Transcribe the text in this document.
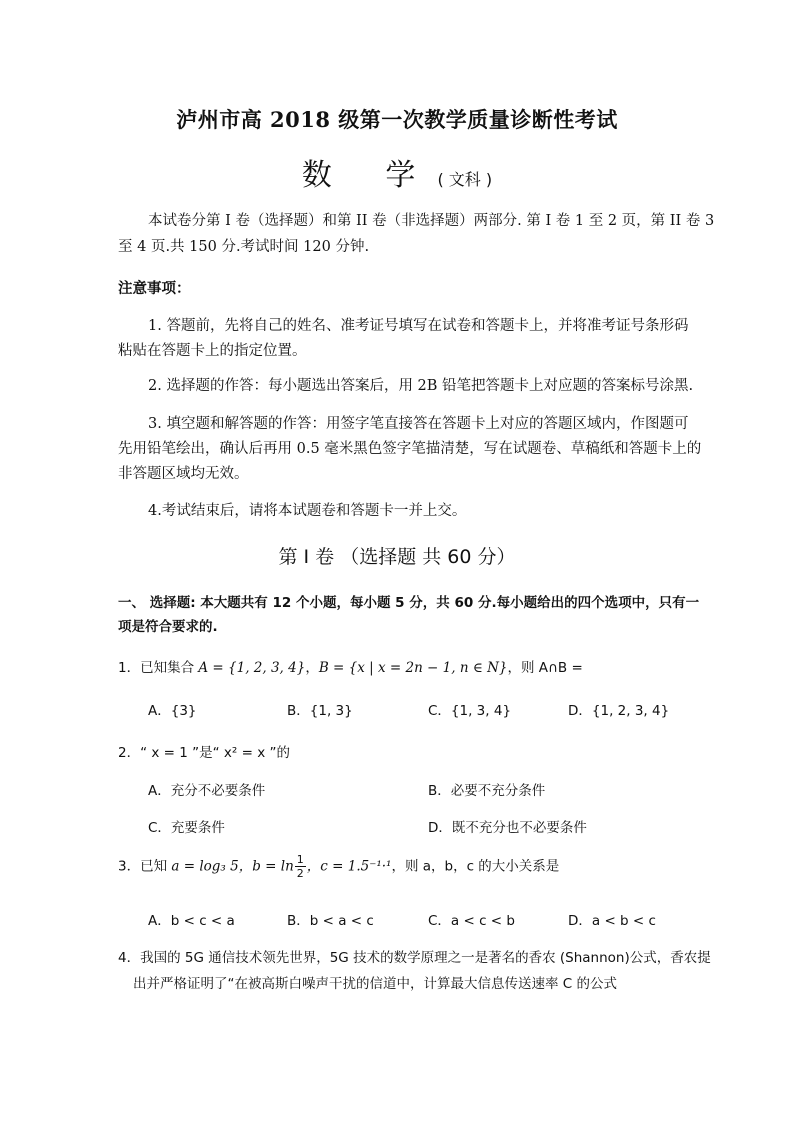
泸州市高 2018 级第一次教学质量诊断性考试
数 学( 文科 )
本试卷分第 I 卷（选择题）和第 II 卷（非选择题）两部分. 第 I 卷 1 至 2 页，第 II 卷 3
至 4 页.共 150 分.考试时间 120 分钟.
注意事项：
1. 答题前，先将自己的姓名、准考证号填写在试卷和答题卡上，并将准考证号条形码
粘贴在答题卡上的指定位置。
2. 选择题的作答：每小题选出答案后，用 2B 铅笔把答题卡上对应题的答案标号涂黑.
3. 填空题和解答题的作答：用签字笔直接答在答题卡上对应的答题区域内，作图题可
先用铅笔绘出，确认后再用 0.5 毫米黑色签字笔描清楚，写在试题卷、草稿纸和答题卡上的
非答题区域均无效。
4.考试结束后，请将本试题卷和答题卡一并上交。
第 I 卷 （选择题 共 60 分）
一、 选择题: 本大题共有 12 个小题，每小题 5 分，共 60 分.每小题给出的四个选项中，只有一
项是符合要求的.
1．已知集合 A = {1, 2, 3, 4}，B = {x | x = 2n − 1, n ∈ N}，则 A∩B =
A．{3}	B．{1, 3}	C．{1, 3, 4}	D．{1, 2, 3, 4}
2．“ x = 1 ”是“ x² = x ”的
A．充分不必要条件	B．必要不充分条件
C．充要条件	D．既不充分也不必要条件
3．已知 a = log₃ 5，$b = \ln \frac{1}{2}$ ，c = 1.5⁻¹·¹，则 a，b，c 的大小关系是
A．b < c < a	B．b < a < c	C．a < c < b	D．a < b < c
4．我国的 5G 通信技术领先世界，5G 技术的数学原理之一是著名的香农 (Shannon)公式，香农提
出并严格证明了“在被高斯白噪声干扰的信道中，计算最大信息传送速率 C 的公式
